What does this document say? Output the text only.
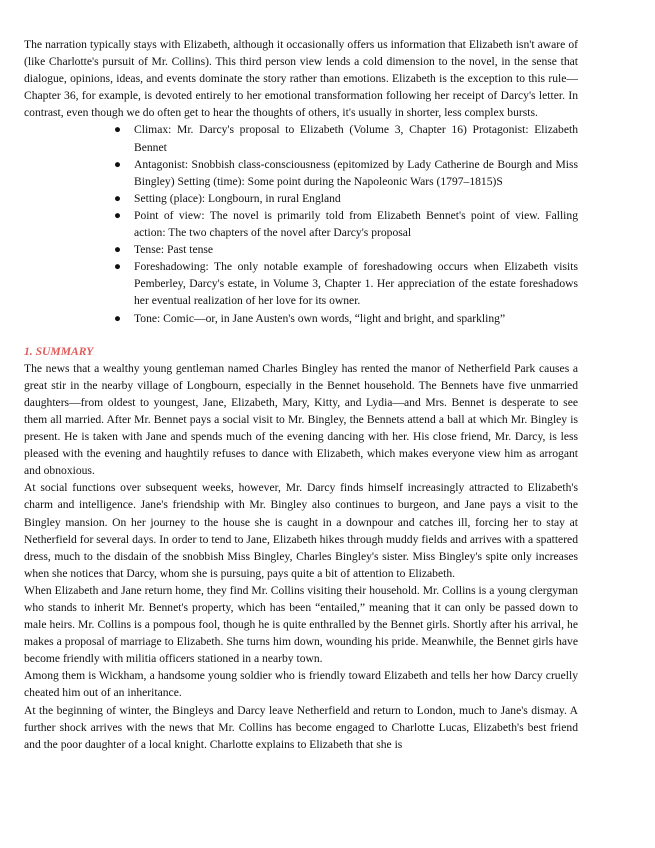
The narration typically stays with Elizabeth, although it occasionally offers us information that Elizabeth isn't aware of (like Charlotte's pursuit of Mr. Collins). This third person view lends a cold dimension to the novel, in the sense that dialogue, opinions, ideas, and events dominate the story rather than emotions. Elizabeth is the exception to this rule—Chapter 36, for example, is devoted entirely to her emotional transformation following her receipt of Darcy's letter. In contrast, even though we do often get to hear the thoughts of others, it's usually in shorter, less complex bursts.

● Climax: Mr. Darcy's proposal to Elizabeth (Volume 3, Chapter 16) Protagonist: Elizabeth Bennet
● Antagonist: Snobbish class-consciousness (epitomized by Lady Catherine de Bourgh and Miss Bingley) Setting (time): Some point during the Napoleonic Wars (1797–1815)S
● Setting (place): Longbourn, in rural England
● Point of view: The novel is primarily told from Elizabeth Bennet's point of view. Falling action: The two chapters of the novel after Darcy's proposal
● Tense: Past tense
● Foreshadowing: The only notable example of foreshadowing occurs when Elizabeth visits Pemberley, Darcy's estate, in Volume 3, Chapter 1. Her appreciation of the estate foreshadows her eventual realization of her love for its owner.
● Tone: Comic—or, in Jane Austen's own words, “light and bright, and sparkling”
1. SUMMARY

The news that a wealthy young gentleman named Charles Bingley has rented the manor of Netherfield Park causes a great stir in the nearby village of Longbourn, especially in the Bennet household. The Bennets have five unmarried daughters—from oldest to youngest, Jane, Elizabeth, Mary, Kitty, and Lydia—and Mrs. Bennet is desperate to see them all married. After Mr. Bennet pays a social visit to Mr. Bingley, the Bennets attend a ball at which Mr. Bingley is present. He is taken with Jane and spends much of the evening dancing with her. His close friend, Mr. Darcy, is less pleased with the evening and haughtily refuses to dance with Elizabeth, which makes everyone view him as arrogant and obnoxious.

At social functions over subsequent weeks, however, Mr. Darcy finds himself increasingly attracted to Elizabeth's charm and intelligence. Jane's friendship with Mr. Bingley also continues to burgeon, and Jane pays a visit to the Bingley mansion. On her journey to the house she is caught in a downpour and catches ill, forcing her to stay at Netherfield for several days. In order to tend to Jane, Elizabeth hikes through muddy fields and arrives with a spattered dress, much to the disdain of the snobbish Miss Bingley, Charles Bingley's sister. Miss Bingley's spite only increases when she notices that Darcy, whom she is pursuing, pays quite a bit of attention to Elizabeth.

When Elizabeth and Jane return home, they find Mr. Collins visiting their household. Mr. Collins is a young clergyman who stands to inherit Mr. Bennet's property, which has been “entailed,” meaning that it can only be passed down to male heirs. Mr. Collins is a pompous fool, though he is quite enthralled by the Bennet girls. Shortly after his arrival, he makes a proposal of marriage to Elizabeth. She turns him down, wounding his pride. Meanwhile, the Bennet girls have become friendly with militia officers stationed in a nearby town.

Among them is Wickham, a handsome young soldier who is friendly toward Elizabeth and tells her how Darcy cruelly cheated him out of an inheritance.

At the beginning of winter, the Bingleys and Darcy leave Netherfield and return to London, much to Jane's dismay. A further shock arrives with the news that Mr. Collins has become engaged to Charlotte Lucas, Elizabeth's best friend and the poor daughter of a local knight. Charlotte explains to Elizabeth that she is
